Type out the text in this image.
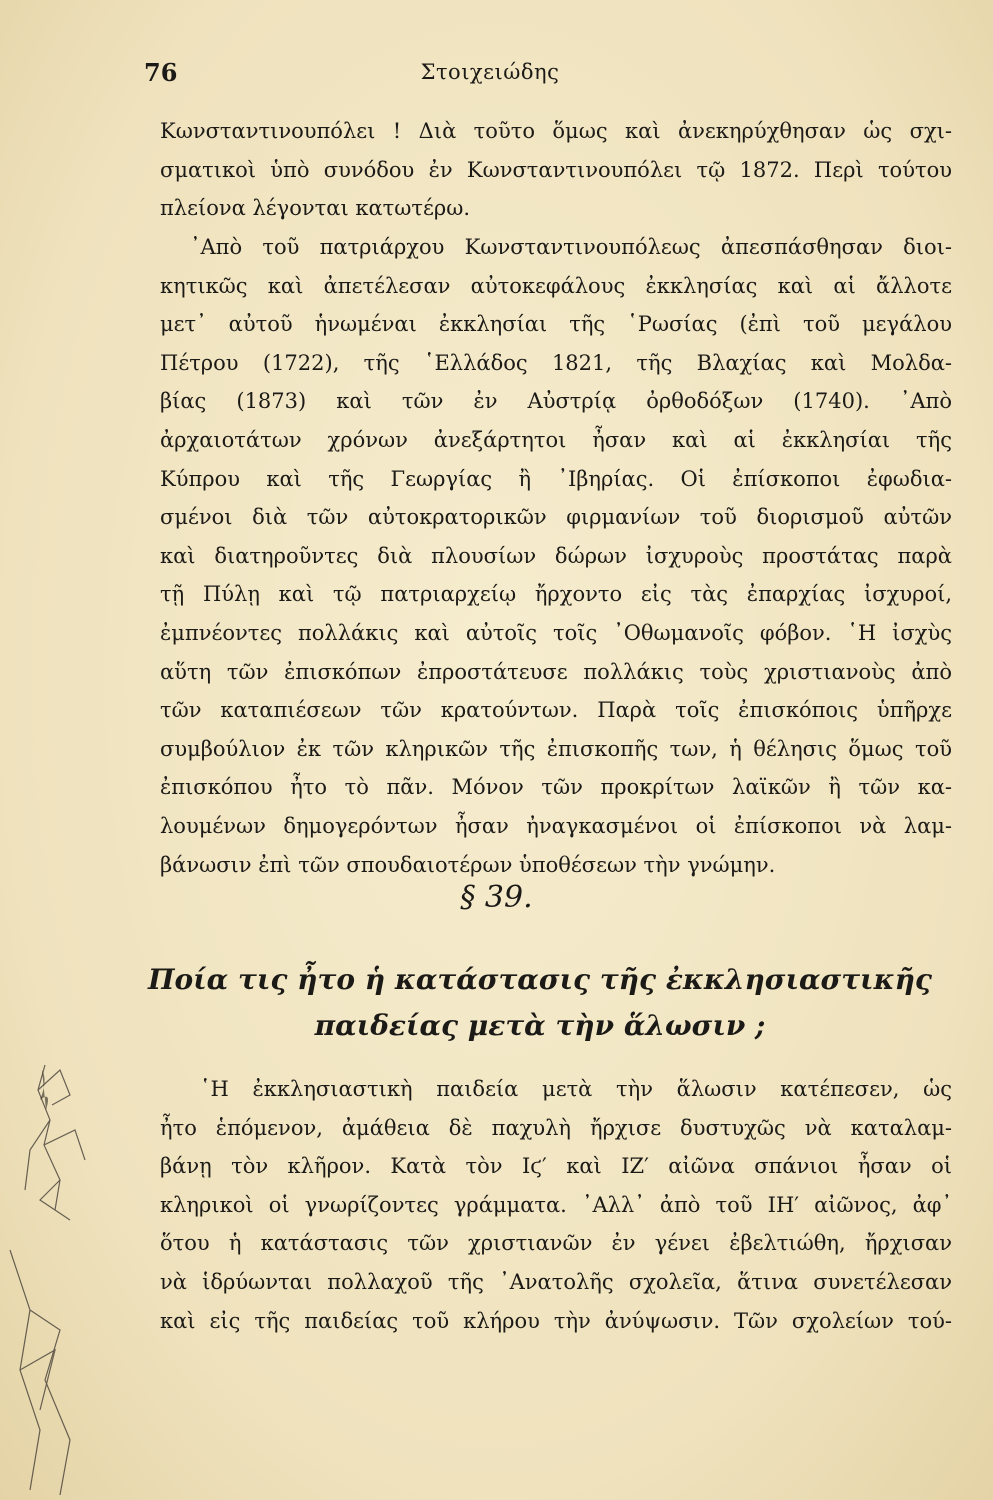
76	Στοιχειώδης
Κωνσταντινουπόλει ! Διὰ τοῦτο ὅμως καὶ ἀνεκηρύχθησαν ὡς σχι-
σματικοὶ ὑπὸ συνόδου ἐν Κωνσταντινουπόλει τῷ 1872. Περὶ τούτου
πλείονα λέγονται κατωτέρω.
᾿Απὸ τοῦ πατριάρχου Κωνσταντινουπόλεως ἀπεσπάσθησαν διοι-
κητικῶς καὶ ἀπετέλεσαν αὐτοκεφάλους ἐκκλησίας καὶ αἱ ἄλλοτε
μετ᾿ αὐτοῦ ἡνωμέναι ἐκκλησίαι τῆς ῾Ρωσίας (ἐπὶ τοῦ μεγάλου
Πέτρου (1722), τῆς ῾Ελλάδος 1821, τῆς Βλαχίας καὶ Μολδα-
βίας (1873) καὶ τῶν ἐν Αὐστρίᾳ ὀρθοδόξων (1740). ᾿Απὸ
ἀρχαιοτάτων χρόνων ἀνεξάρτητοι ἦσαν καὶ αἱ ἐκκλησίαι τῆς
Κύπρου καὶ τῆς Γεωργίας ἢ ᾿Ιβηρίας. Οἱ ἐπίσκοποι ἐφωδια-
σμένοι διὰ τῶν αὐτοκρατορικῶν φιρμανίων τοῦ διορισμοῦ αὐτῶν
καὶ διατηροῦντες διὰ πλουσίων δώρων ἰσχυροὺς προστάτας παρὰ
τῇ Πύλῃ καὶ τῷ πατριαρχείῳ ἤρχοντο εἰς τὰς ἐπαρχίας ἰσχυροί,
ἐμπνέοντες πολλάκις καὶ αὐτοῖς τοῖς ᾿Οθωμανοῖς φόβον. ῾Η ἰσχὺς
αὕτη τῶν ἐπισκόπων ἐπροστάτευσε πολλάκις τοὺς χριστιανοὺς ἀπὸ
τῶν καταπιέσεων τῶν κρατούντων. Παρὰ τοῖς ἐπισκόποις ὑπῆρχε
συμβούλιον ἐκ τῶν κληρικῶν τῆς ἐπισκοπῆς των, ἡ θέλησις ὅμως τοῦ
ἐπισκόπου ἦτο τὸ πᾶν. Μόνον τῶν προκρίτων λαϊκῶν ἢ τῶν κα-
λουμένων δημογερόντων ἦσαν ἠναγκασμένοι οἱ ἐπίσκοποι νὰ λαμ-
βάνωσιν ἐπὶ τῶν σπουδαιοτέρων ὑποθέσεων τὴν γνώμην.
§ 39.
Ποία τις ἦτο ἡ κατάστασις τῆς ἐκκλησιαστικῆς
παιδείας μετὰ τὴν ἅλωσιν ;
῾Η ἐκκλησιαστικὴ παιδεία μετὰ τὴν ἅλωσιν κατέπεσεν, ὡς
ἦτο ἑπόμενον, ἀμάθεια δὲ παχυλὴ ἤρχισε δυστυχῶς νὰ καταλαμ-
βάνῃ τὸν κλῆρον. Κατὰ τὸν Ιϛ′ καὶ ΙΖ′ αἰῶνα σπάνιοι ἦσαν οἱ
κληρικοὶ οἱ γνωρίζοντες γράμματα. ᾿Αλλ᾿ ἀπὸ τοῦ ΙΗ′ αἰῶνος, ἀφ᾿
ὅτου ἡ κατάστασις τῶν χριστιανῶν ἐν γένει ἐβελτιώθη, ἤρχισαν
νὰ ἱδρύωνται πολλαχοῦ τῆς ᾿Ανατολῆς σχολεῖα, ἅτινα συνετέλεσαν
καὶ εἰς τῆς παιδείας τοῦ κλήρου τὴν ἀνύψωσιν. Τῶν σχολείων τού-
